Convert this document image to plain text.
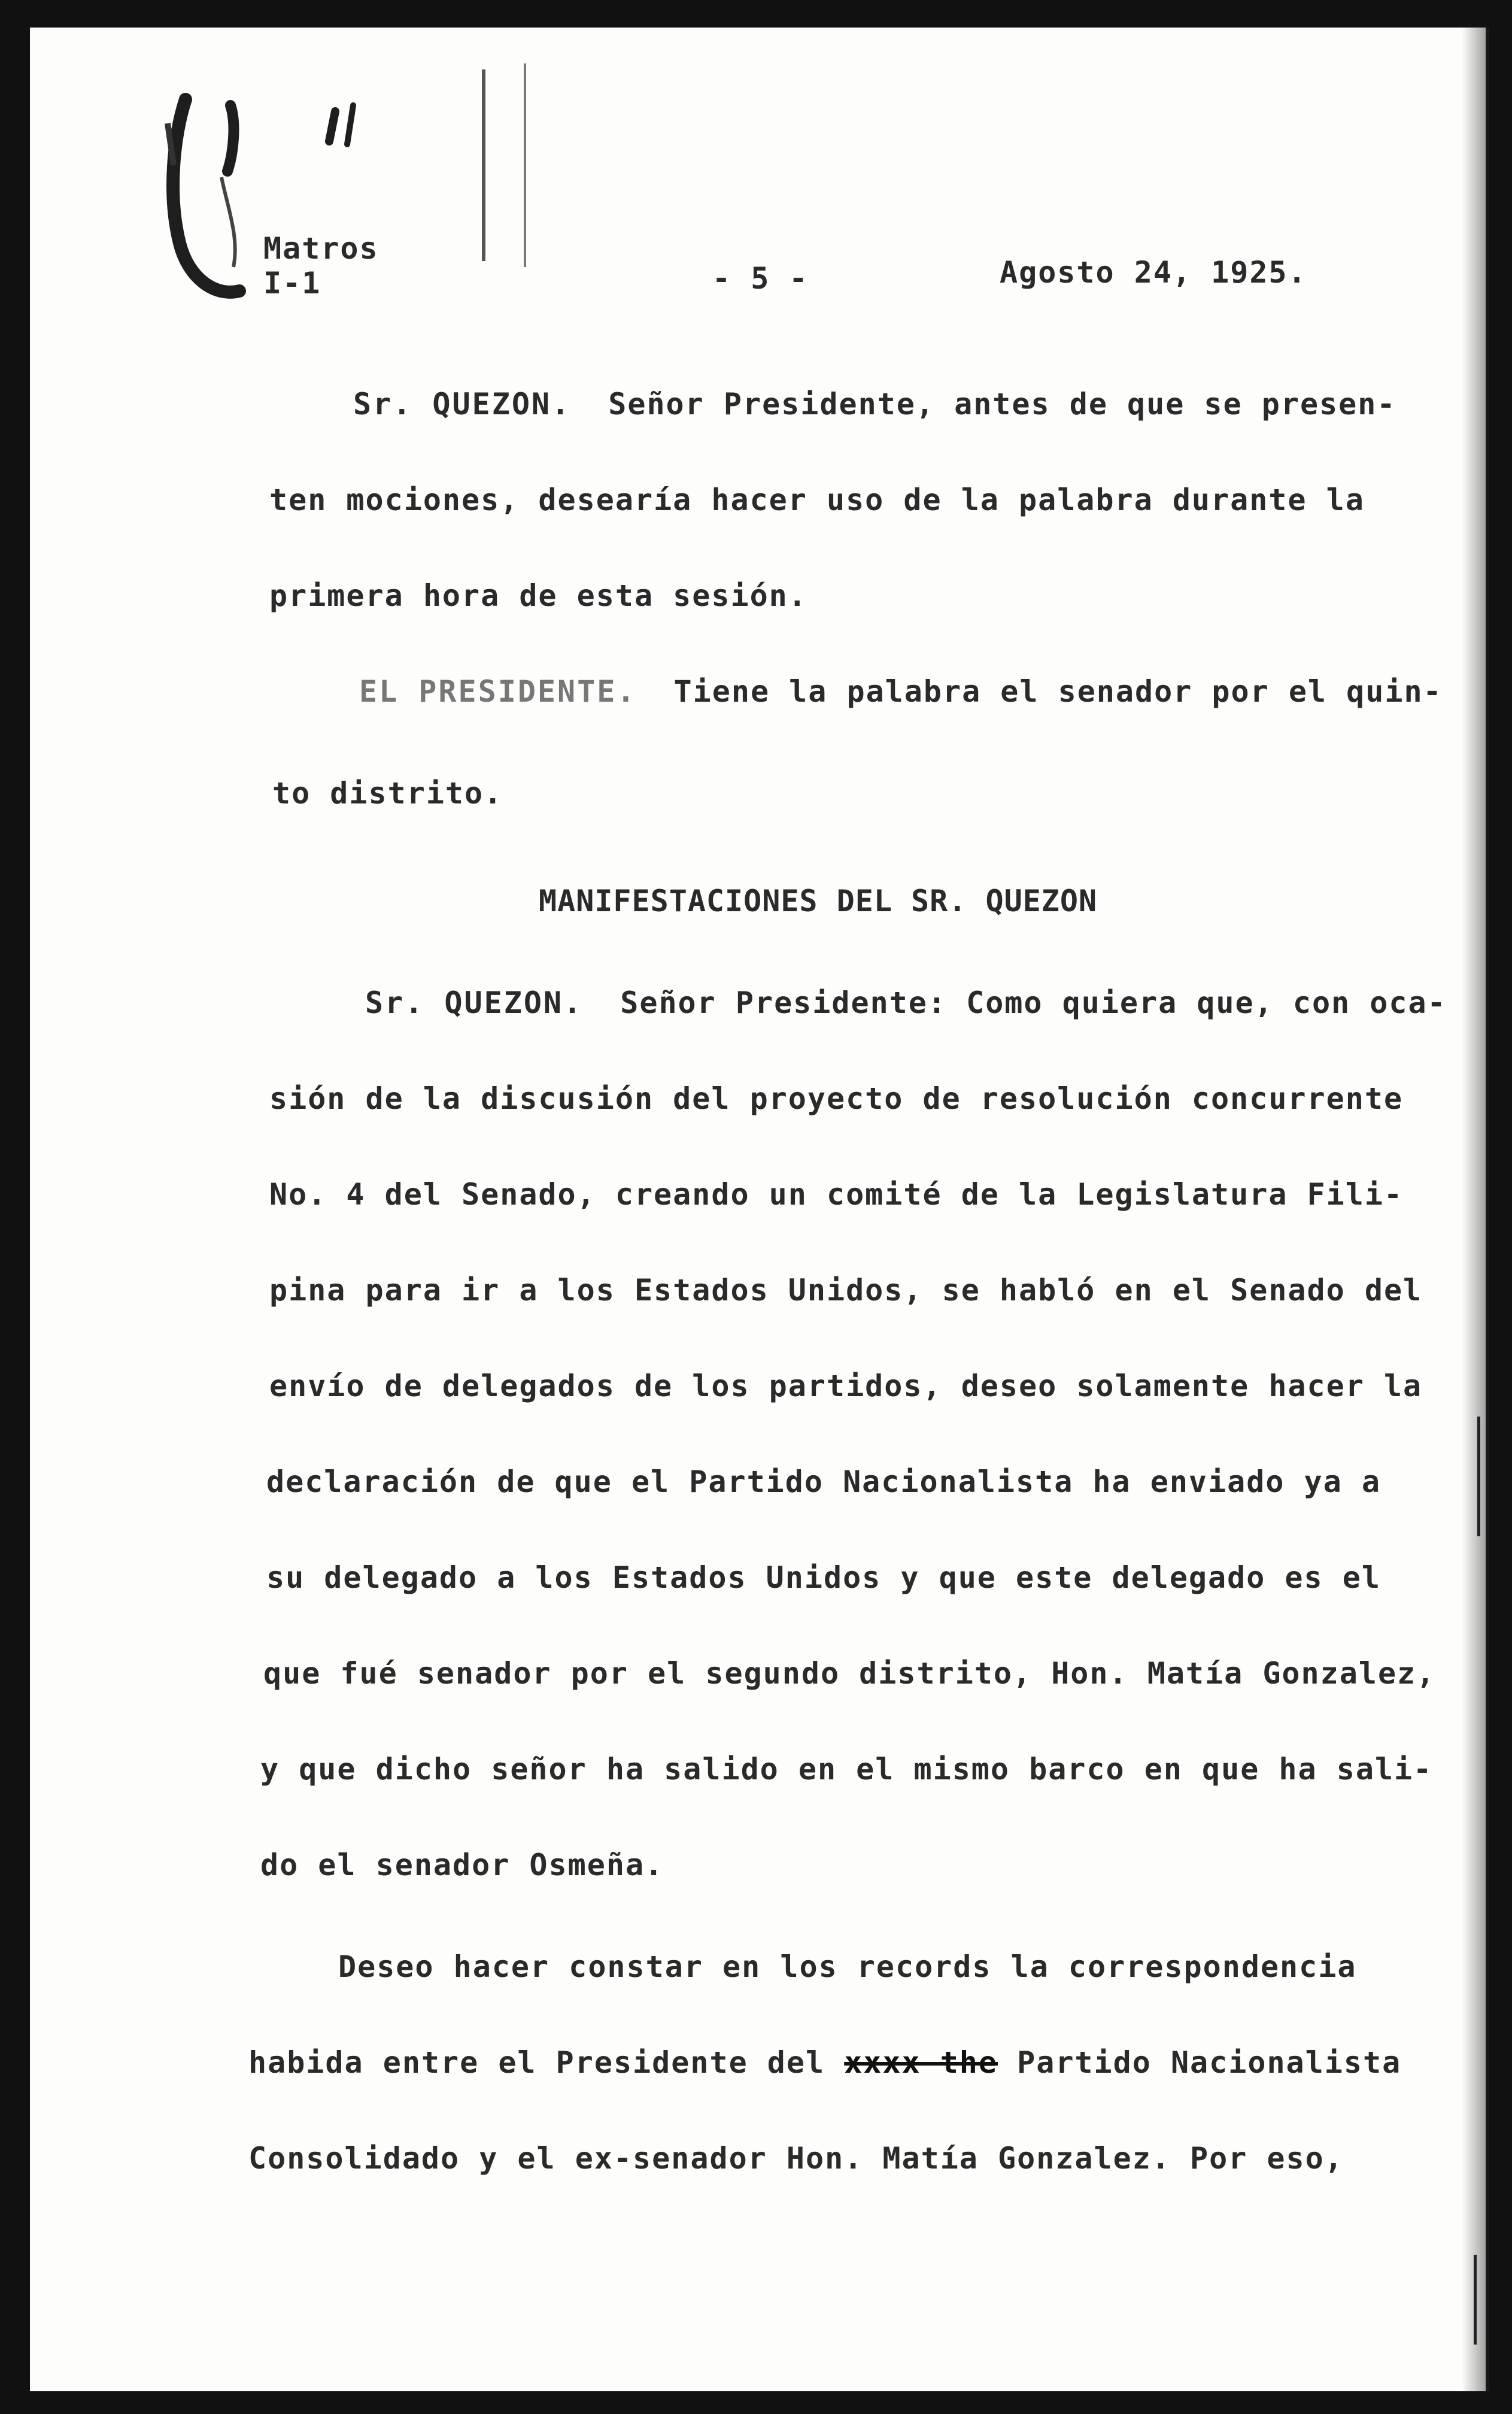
Matros
I-1	- 5 -	Agosto 24, 1925.
Sr. QUEZON. Señor Presidente, antes de que se presen-
ten mociones, desearía hacer uso de la palabra durante la
primera hora de esta sesión.
EL PRESIDENTE. Tiene la palabra el senador por el quin-
to distrito.
MANIFESTACIONES DEL SR. QUEZON
Sr. QUEZON. Señor Presidente: Como quiera que, con oca-
sión de la discusión del proyecto de resolución concurrente
No. 4 del Senado, creando un comité de la Legislatura Fili-
pina para ir a los Estados Unidos, se habló en el Senado del
envío de delegados de los partidos, deseo solamente hacer la
declaración de que el Partido Nacionalista ha enviado ya a
su delegado a los Estados Unidos y que este delegado es el
que fué senador por el segundo distrito, Hon. Matía Gonzalez,
y que dicho señor ha salido en el mismo barco en que ha sali-
do el senador Osmeña.
Deseo hacer constar en los records la correspondencia
habida entre el Presidente del xxxx the Partido Nacionalista
Consolidado y el ex-senador Hon. Matía Gonzalez. Por eso,
